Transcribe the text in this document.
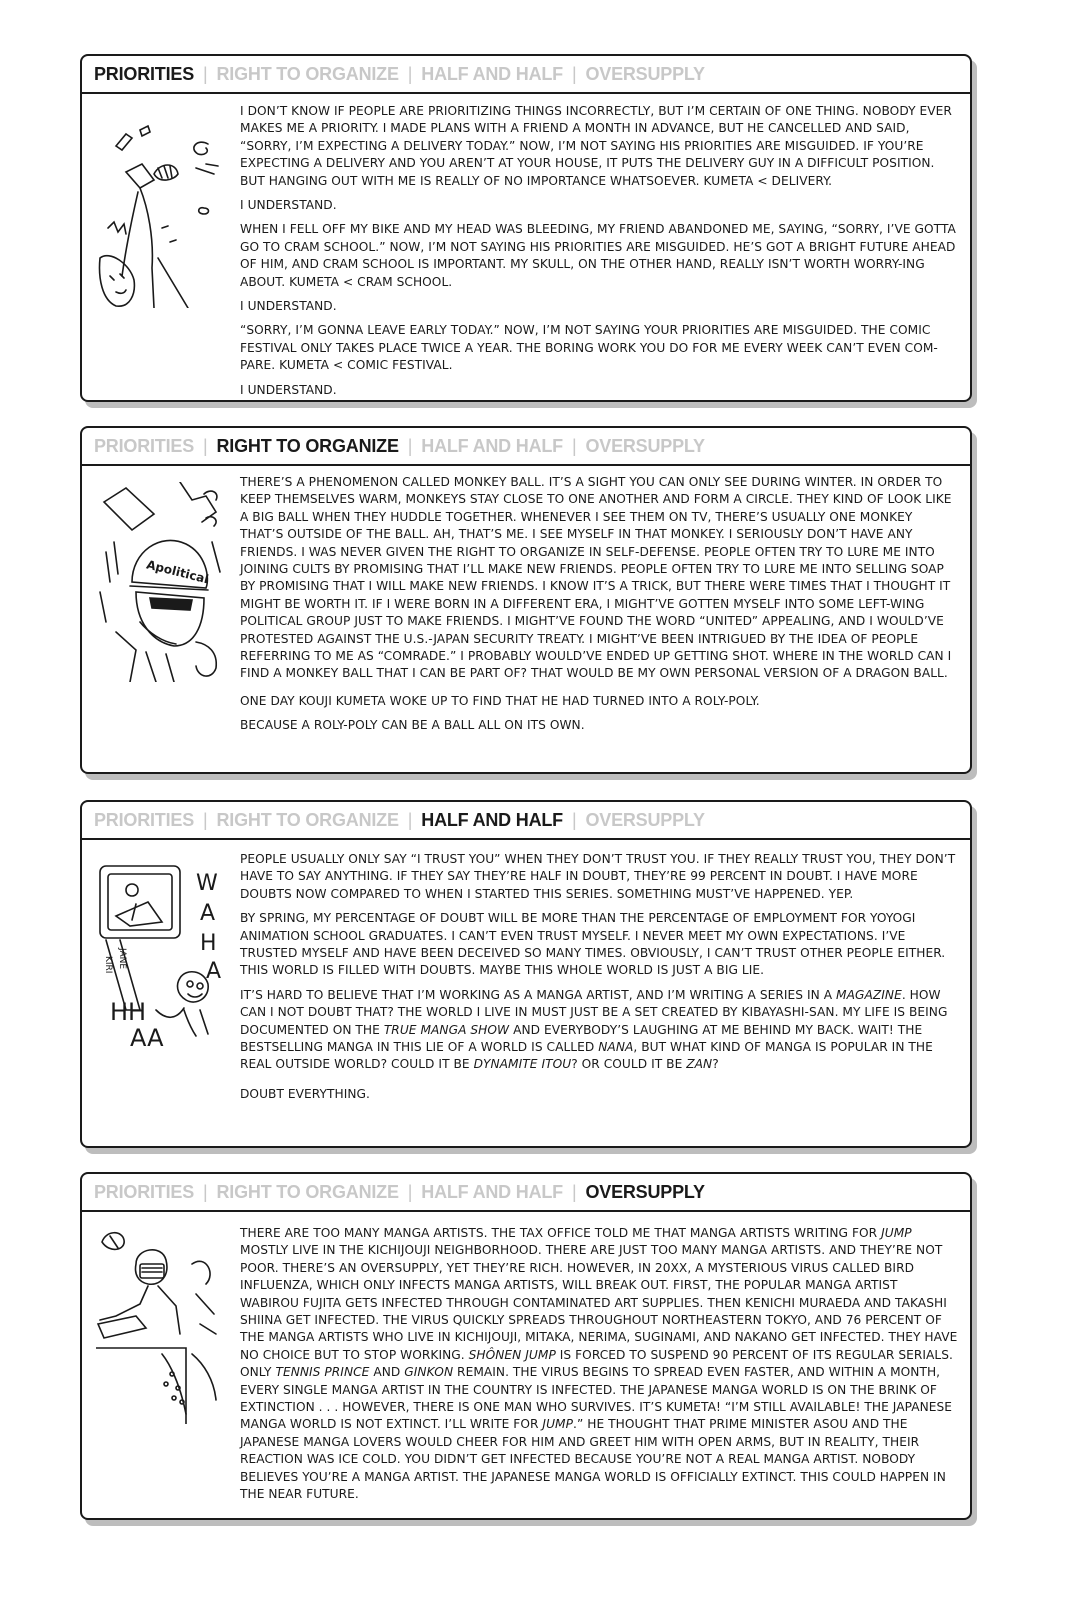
PRIORITIES | RIGHT TO ORGANIZE | HALF AND HALF | OVERSUPPLY

I DON’T KNOW IF PEOPLE ARE PRIORITIZING THINGS INCORRECTLY, BUT I’M CERTAIN OF ONE THING. NOBODY EVER MAKES ME A PRIORITY. I MADE PLANS WITH A FRIEND A MONTH IN ADVANCE, BUT HE CANCELLED AND SAID, “SORRY, I’M EXPECTING A DELIVERY TODAY.” NOW, I’M NOT SAYING HIS PRIORITIES ARE MISGUIDED. IF YOU’RE EXPECTING A DELIVERY AND YOU AREN’T AT YOUR HOUSE, IT PUTS THE DELIVERY GUY IN A DIFFICULT POSITION. BUT HANGING OUT WITH ME IS REALLY OF NO IMPORTANCE WHATSOEVER. KUMETA < DELIVERY.

I UNDERSTAND.

WHEN I FELL OFF MY BIKE AND MY HEAD WAS BLEEDING, MY FRIEND ABANDONED ME, SAYING, “SORRY, I’VE GOTTA GO TO CRAM SCHOOL.” NOW, I’M NOT SAYING HIS PRIORITIES ARE MISGUIDED. HE’S GOT A BRIGHT FUTURE AHEAD OF HIM, AND CRAM SCHOOL IS IMPORTANT. MY SKULL, ON THE OTHER HAND, REALLY ISN’T WORTH WORRY-ING ABOUT. KUMETA < CRAM SCHOOL.

I UNDERSTAND.

“SORRY, I’M GONNA LEAVE EARLY TODAY.” NOW, I’M NOT SAYING YOUR PRIORITIES ARE MISGUIDED. THE COMIC FESTIVAL ONLY TAKES PLACE TWICE A YEAR. THE BORING WORK YOU DO FOR ME EVERY WEEK CAN’T EVEN COM-PARE. KUMETA < COMIC FESTIVAL.

I UNDERSTAND.

PRIORITIES | RIGHT TO ORGANIZE | HALF AND HALF | OVERSUPPLY
Apolitical

THERE’S A PHENOMENON CALLED MONKEY BALL. IT’S A SIGHT YOU CAN ONLY SEE DURING WINTER. IN ORDER TO KEEP THEMSELVES WARM, MONKEYS STAY CLOSE TO ONE ANOTHER AND FORM A CIRCLE. THEY KIND OF LOOK LIKE A BIG BALL WHEN THEY HUDDLE TOGETHER. WHENEVER I SEE THEM ON TV, THERE’S USUALLY ONE MONKEY THAT’S OUTSIDE OF THE BALL. AH, THAT’S ME. I SEE MYSELF IN THAT MONKEY. I SERIOUSLY DON’T HAVE ANY FRIENDS. I WAS NEVER GIVEN THE RIGHT TO ORGANIZE IN SELF-DEFENSE. PEOPLE OFTEN TRY TO LURE ME INTO JOINING CULTS BY PROMISING THAT I’LL MAKE NEW FRIENDS. PEOPLE OFTEN TRY TO LURE ME INTO SELLING SOAP BY PROMISING THAT I WILL MAKE NEW FRIENDS. I KNOW IT’S A TRICK, BUT THERE WERE TIMES THAT I THOUGHT IT MIGHT BE WORTH IT. IF I WERE BORN IN A DIFFERENT ERA, I MIGHT’VE GOTTEN MYSELF INTO SOME LEFT-WING POLITICAL GROUP JUST TO MAKE FRIENDS. I MIGHT’VE FOUND THE WORD “UNITED” APPEALING, AND I WOULD’VE PROTESTED AGAINST THE U.S.-JAPAN SECURITY TREATY. I MIGHT’VE BEEN INTRIGUED BY THE IDEA OF PEOPLE REFERRING TO ME AS “COMRADE.” I PROBABLY WOULD’VE ENDED UP GETTING SHOT. WHERE IN THE WORLD CAN I FIND A MONKEY BALL THAT I CAN BE PART OF? THAT WOULD BE MY OWN PERSONAL VERSION OF A DRAGON BALL.

ONE DAY KOUJI KUMETA WOKE UP TO FIND THAT HE HAD TURNED INTO A ROLY-POLY.

BECAUSE A ROLY-POLY CAN BE A BALL ALL ON ITS OWN.

PRIORITIES | RIGHT TO ORGANIZE | HALF AND HALF | OVERSUPPLY
W
A
H
A
HH
AA
KIRI JANE

PEOPLE USUALLY ONLY SAY “I TRUST YOU” WHEN THEY DON’T TRUST YOU. IF THEY REALLY TRUST YOU, THEY DON’T HAVE TO SAY ANYTHING. IF THEY SAY THEY’RE HALF IN DOUBT, THEY’RE 99 PERCENT IN DOUBT. I HAVE MORE DOUBTS NOW COMPARED TO WHEN I STARTED THIS SERIES. SOMETHING MUST’VE HAPPENED. YEP.

BY SPRING, MY PERCENTAGE OF DOUBT WILL BE MORE THAN THE PERCENTAGE OF EMPLOYMENT FOR YOYOGI ANIMATION SCHOOL GRADUATES. I CAN’T EVEN TRUST MYSELF. I NEVER MEET MY OWN EXPECTATIONS. I’VE TRUSTED MYSELF AND HAVE BEEN DECEIVED SO MANY TIMES. OBVIOUSLY, I CAN’T TRUST OTHER PEOPLE EITHER. THIS WORLD IS FILLED WITH DOUBTS. MAYBE THIS WHOLE WORLD IS JUST A BIG LIE.

IT’S HARD TO BELIEVE THAT I’M WORKING AS A MANGA ARTIST, AND I’M WRITING A SERIES IN A MAGAZINE. HOW CAN I NOT DOUBT THAT? THE WORLD I LIVE IN MUST JUST BE A SET CREATED BY KIBAYASHI-SAN. MY LIFE IS BEING DOCUMENTED ON THE TRUE MANGA SHOW AND EVERYBODY’S LAUGHING AT ME BEHIND MY BACK. WAIT! THE BESTSELLING MANGA IN THIS LIE OF A WORLD IS CALLED NANA, BUT WHAT KIND OF MANGA IS POPULAR IN THE REAL OUTSIDE WORLD? COULD IT BE DYNAMITE ITOU? OR COULD IT BE ZAN?

DOUBT EVERYTHING.

PRIORITIES | RIGHT TO ORGANIZE | HALF AND HALF | OVERSUPPLY

THERE ARE TOO MANY MANGA ARTISTS. THE TAX OFFICE TOLD ME THAT MANGA ARTISTS WRITING FOR JUMP MOSTLY LIVE IN THE KICHIJOUJI NEIGHBORHOOD. THERE ARE JUST TOO MANY MANGA ARTISTS. AND THEY’RE NOT POOR. THERE’S AN OVERSUPPLY, YET THEY’RE RICH. HOWEVER, IN 20XX, A MYSTERIOUS VIRUS CALLED BIRD INFLUENZA, WHICH ONLY INFECTS MANGA ARTISTS, WILL BREAK OUT. FIRST, THE POPULAR MANGA ARTIST WABIROU FUJITA GETS INFECTED THROUGH CONTAMINATED ART SUPPLIES. THEN KENICHI MURAEDA AND TAKASHI SHIINA GET INFECTED. THE VIRUS QUICKLY SPREADS THROUGHOUT NORTHEASTERN TOKYO, AND 76 PERCENT OF THE MANGA ARTISTS WHO LIVE IN KICHIJOUJI, MITAKA, NERIMA, SUGINAMI, AND NAKANO GET INFECTED. THEY HAVE NO CHOICE BUT TO STOP WORKING. SHÔNEN JUMP IS FORCED TO SUSPEND 90 PERCENT OF ITS REGULAR SERIALS. ONLY TENNIS PRINCE AND GINKON REMAIN. THE VIRUS BEGINS TO SPREAD EVEN FASTER, AND WITHIN A MONTH, EVERY SINGLE MANGA ARTIST IN THE COUNTRY IS INFECTED. THE JAPANESE MANGA WORLD IS ON THE BRINK OF EXTINCTION . . . HOWEVER, THERE IS ONE MAN WHO SURVIVES. IT’S KUMETA! “I’M STILL AVAILABLE! THE JAPANESE MANGA WORLD IS NOT EXTINCT. I’LL WRITE FOR JUMP.” HE THOUGHT THAT PRIME MINISTER ASOU AND THE JAPANESE MANGA LOVERS WOULD CHEER FOR HIM AND GREET HIM WITH OPEN ARMS, BUT IN REALITY, THEIR REACTION WAS ICE COLD. YOU DIDN’T GET INFECTED BECAUSE YOU’RE NOT A REAL MANGA ARTIST. NOBODY BELIEVES YOU’RE A MANGA ARTIST. THE JAPANESE MANGA WORLD IS OFFICIALLY EXTINCT. THIS COULD HAPPEN IN THE NEAR FUTURE.
